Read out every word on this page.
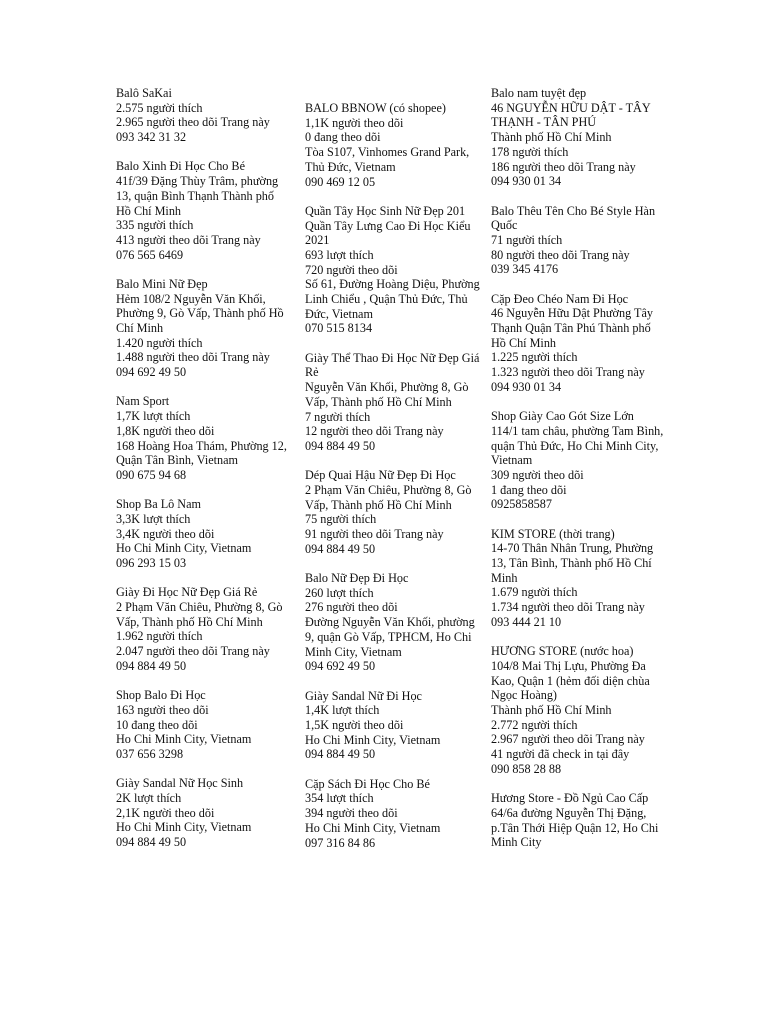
Balô SaKai
2.575 người thích
2.965 người theo dõi Trang này
093 342 31 32
Balo Xinh Đi Học Cho Bé
41f/39 Đặng Thùy Trâm, phường 13, quận Bình Thạnh Thành phố Hồ Chí Minh
335 người thích
413 người theo dõi Trang này
076 565 6469
Balo Mini Nữ Đẹp
Hẻm 108/2 Nguyễn Văn Khối, Phường 9, Gò Vấp, Thành phố Hồ Chí Minh
1.420 người thích
1.488 người theo dõi Trang này
094 692 49 50
Nam Sport
1,7K lượt thích
1,8K người theo dõi
168 Hoàng Hoa Thám, Phường 12, Quận Tân Bình, Vietnam
090 675 94 68
Shop Ba Lô Nam
3,3K lượt thích
3,4K người theo dõi
Ho Chi Minh City, Vietnam
096 293 15 03
Giày Đi Học Nữ Đẹp Giá Rẻ
2 Phạm Văn Chiêu, Phường 8, Gò Vấp, Thành phố Hồ Chí Minh
1.962 người thích
2.047 người theo dõi Trang này
094 884 49 50
Shop Balo Đi Học
163 người theo dõi
10 đang theo dõi
Ho Chi Minh City, Vietnam
037 656 3298
Giày Sandal Nữ Học Sinh
2K lượt thích
2,1K người theo dõi
Ho Chi Minh City, Vietnam
094 884 49 50
BALO BBNOW (có shopee)
1,1K người theo dõi
0 đang theo dõi
Tòa S107, Vinhomes Grand Park, Thủ Đức, Vietnam
090 469 12 05
Quần Tây Học Sinh Nữ Đẹp 201 Quần Tây Lưng Cao Đi Học Kiểu 2021
693 lượt thích
720 người theo dõi
Số 61, Đường Hoàng Diệu, Phường Linh Chiểu , Quận Thủ Đức, Thủ Đức, Vietnam
070 515 8134
Giày Thể Thao Đi Học Nữ Đẹp Giá Rẻ
Nguyễn Văn Khối, Phường 8, Gò Vấp, Thành phố Hồ Chí Minh
7 người thích
12 người theo dõi Trang này
094 884 49 50
Dép Quai Hậu Nữ Đẹp Đi Học
2 Phạm Văn Chiêu, Phường 8, Gò Vấp, Thành phố Hồ Chí Minh
75 người thích
91 người theo dõi Trang này
094 884 49 50
Balo Nữ Đẹp Đi Học
260 lượt thích
276 người theo dõi
Đường Nguyễn Văn Khối, phường 9, quận Gò Vấp, TPHCM, Ho Chi Minh City, Vietnam
094 692 49 50
Giày Sandal Nữ Đi Học
1,4K lượt thích
1,5K người theo dõi
Ho Chi Minh City, Vietnam
094 884 49 50
Cặp Sách Đi Học Cho Bé
354 lượt thích
394 người theo dõi
Ho Chi Minh City, Vietnam
097 316 84 86
Balo nam tuyệt đẹp
46 NGUYỄN HỮU DẬT - TÂY THẠNH - TÂN PHÚ
Thành phố Hồ Chí Minh
178 người thích
186 người theo dõi Trang này
094 930 01 34
Balo Thêu Tên Cho Bé Style Hàn Quốc
71 người thích
80 người theo dõi Trang này
039 345 4176
Cặp Đeo Chéo Nam Đi Học
46 Nguyễn Hữu Dật Phường Tây Thạnh Quận Tân Phú Thành phố Hồ Chí Minh
1.225 người thích
1.323 người theo dõi Trang này
094 930 01 34
Shop Giày Cao Gót Size Lớn
114/1 tam châu, phường Tam Bình, quận Thủ Đức, Ho Chi Minh City, Vietnam
309 người theo dõi
1 đang theo dõi
0925858587
KIM STORE (thời trang)
14-70 Thân Nhân Trung, Phường 13, Tân Bình, Thành phố Hồ Chí Minh
1.679 người thích
1.734 người theo dõi Trang này
093 444 21 10
HƯƠNG STORE (nước hoa)
104/8 Mai Thị Lựu, Phường Đa Kao, Quận 1 (hẻm đối diện chùa Ngọc Hoàng)
Thành phố Hồ Chí Minh
2.772 người thích
2.967 người theo dõi Trang này
41 người đã check in tại đây
090 858 28 88
Hương Store - Đồ Ngủ Cao Cấp
64/6a đường Nguyễn Thị Đặng, p.Tân Thới Hiệp Quận 12, Ho Chi Minh City
